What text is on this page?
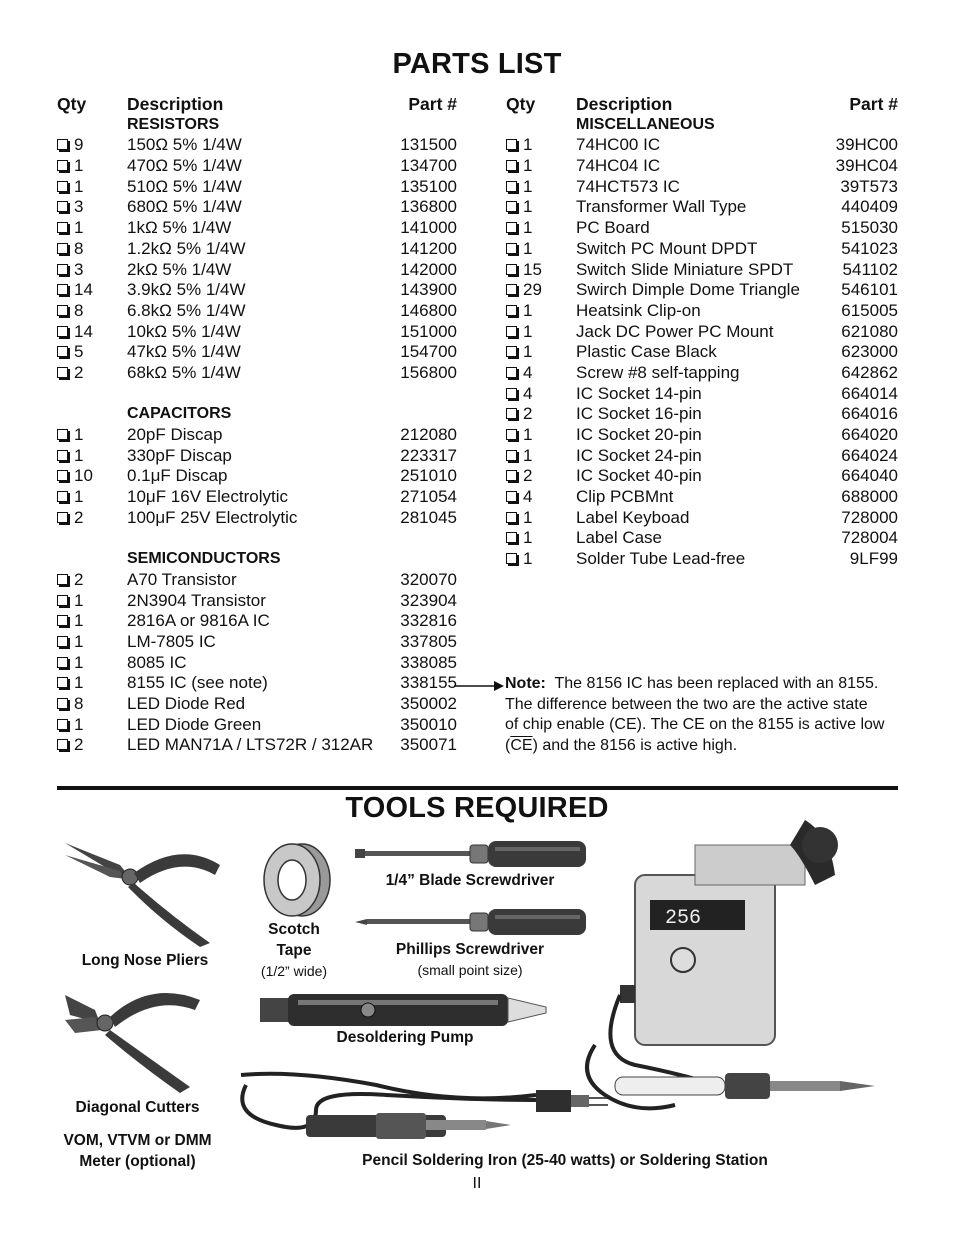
PARTS LIST
Qty Description	Part #
RESISTORS
9	150Ω 5% 1/4W	131500
1	470Ω 5% 1/4W	134700
1	510Ω 5% 1/4W	135100
3	680Ω 5% 1/4W	136800
1	1kΩ 5% 1/4W	141000
8	1.2kΩ 5% 1/4W	141200
3	2kΩ 5% 1/4W	142000
14 3.9kΩ 5% 1/4W	143900
8	6.8kΩ 5% 1/4W	146800
14 10kΩ 5% 1/4W	151000
5	47kΩ 5% 1/4W	154700
2	68kΩ 5% 1/4W	156800
CAPACITORS
1	20pF Discap	212080
1	330pF Discap	223317
10 0.1μF Discap	251010
1	10μF 16V Electrolytic	271054
2	100μF 25V Electrolytic	281045
SEMICONDUCTORS
2	A70 Transistor	320070
1	2N3904 Transistor	323904
1	2816A or 9816A IC	332816
1	LM-7805 IC	337805
1	8085 IC	338085
1	8155 IC (see note)	338155
8	LED Diode Red	350002
1	LED Diode Green	350010
2	LED MAN71A / LTS72R / 312AR 350071
Qty Description	Part #
MISCELLANEOUS
1	74HC00 IC	39HC00
1	74HC04 IC	39HC04
1	74HCT573 IC	39T573
1	Transformer Wall Type	440409
1	PC Board	515030
1	Switch PC Mount DPDT	541023
15 Switch Slide Miniature SPDT	541102
29 Swirch Dimple Dome Triangle 546101
1	Heatsink Clip-on	615005
1	Jack DC Power PC Mount	621080
1	Plastic Case Black	623000
4	Screw #8 self-tapping	642862
4	IC Socket 14-pin	664014
2	IC Socket 16-pin	664016
1	IC Socket 20-pin	664020
1	IC Socket 24-pin	664024
2	IC Socket 40-pin	664040
4	Clip PCBMnt	688000
1	Label Keyboad	728000
1	Label Case	728004
1	Solder Tube Lead-free	9LF99
Note: The 8156 IC has been replaced with an 8155.
The difference between the two are the active state
of chip enable (CE). The CE on the 8155 is active low
$(\overline{CE})$ and the 8156 is active high.
TOOLS REQUIRED
Long Nose Pliers
Diagonal Cutters
VOM, VTVM or DMM
Meter (optional)
Scotch
Tape
(1/2” wide)
1/4” Blade Screwdriver
Phillips Screwdriver
(small point size)
Desoldering Pump
256
Pencil Soldering Iron (25-40 watts) or Soldering Station
II
